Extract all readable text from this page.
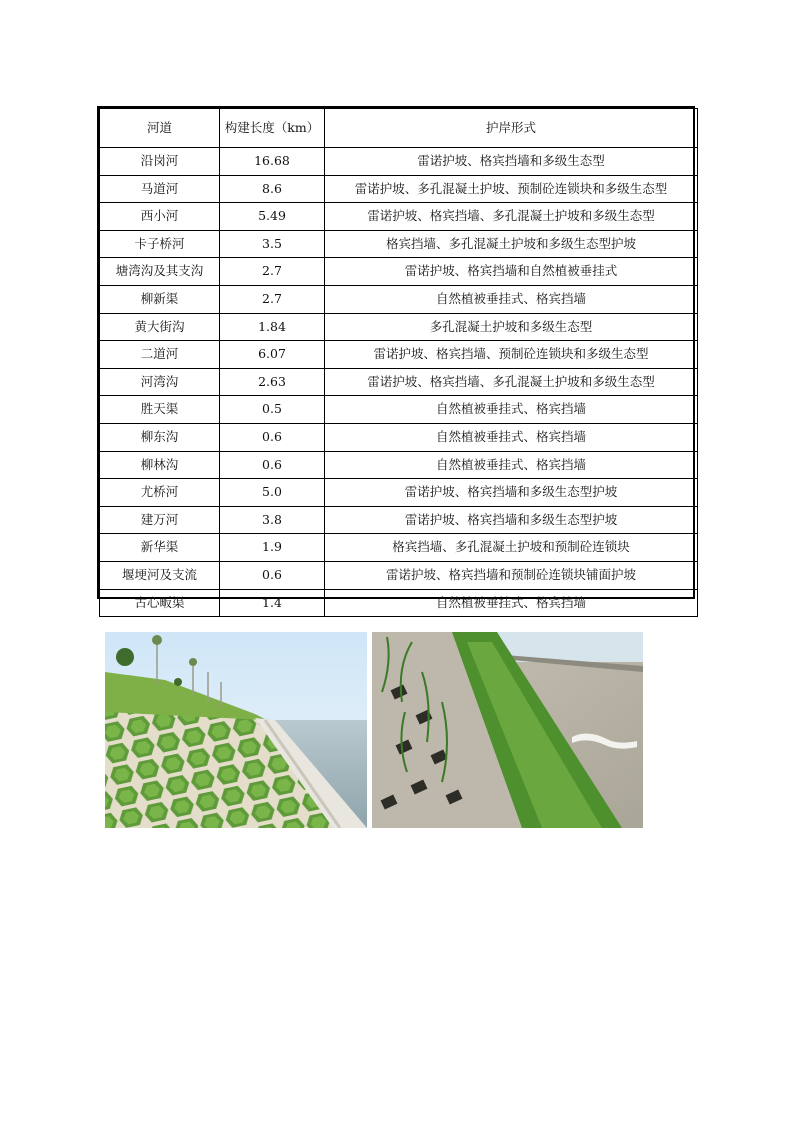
河道	构建长度（km）	护岸形式
沿岗河	16.68	雷诺护坡、格宾挡墙和多级生态型
马道河	8.6	雷诺护坡、多孔混凝土护坡、预制砼连锁块和多级生态型
西小河	5.49	雷诺护坡、格宾挡墙、多孔混凝土护坡和多级生态型
卡子桥河	3.5	格宾挡墙、多孔混凝土护坡和多级生态型护坡
塘湾沟及其支沟	2.7	雷诺护坡、格宾挡墙和自然植被垂挂式
柳新渠	2.7	自然植被垂挂式、格宾挡墙
黄大街沟	1.84	多孔混凝土护坡和多级生态型
二道河	6.07	雷诺护坡、格宾挡墙、预制砼连锁块和多级生态型
河湾沟	2.63	雷诺护坡、格宾挡墙、多孔混凝土护坡和多级生态型
胜天渠	0.5	自然植被垂挂式、格宾挡墙
柳东沟	0.6	自然植被垂挂式、格宾挡墙
柳林沟	0.6	自然植被垂挂式、格宾挡墙
尤桥河	5.0	雷诺护坡、格宾挡墙和多级生态型护坡
建万河	3.8	雷诺护坡、格宾挡墙和多级生态型护坡
新华渠	1.9	格宾挡墙、多孔混凝土护坡和预制砼连锁块
堰埂河及支流	0.6	雷诺护坡、格宾挡墙和预制砼连锁块铺面护坡
古心畈渠	1.4	自然植被垂挂式、格宾挡墙
